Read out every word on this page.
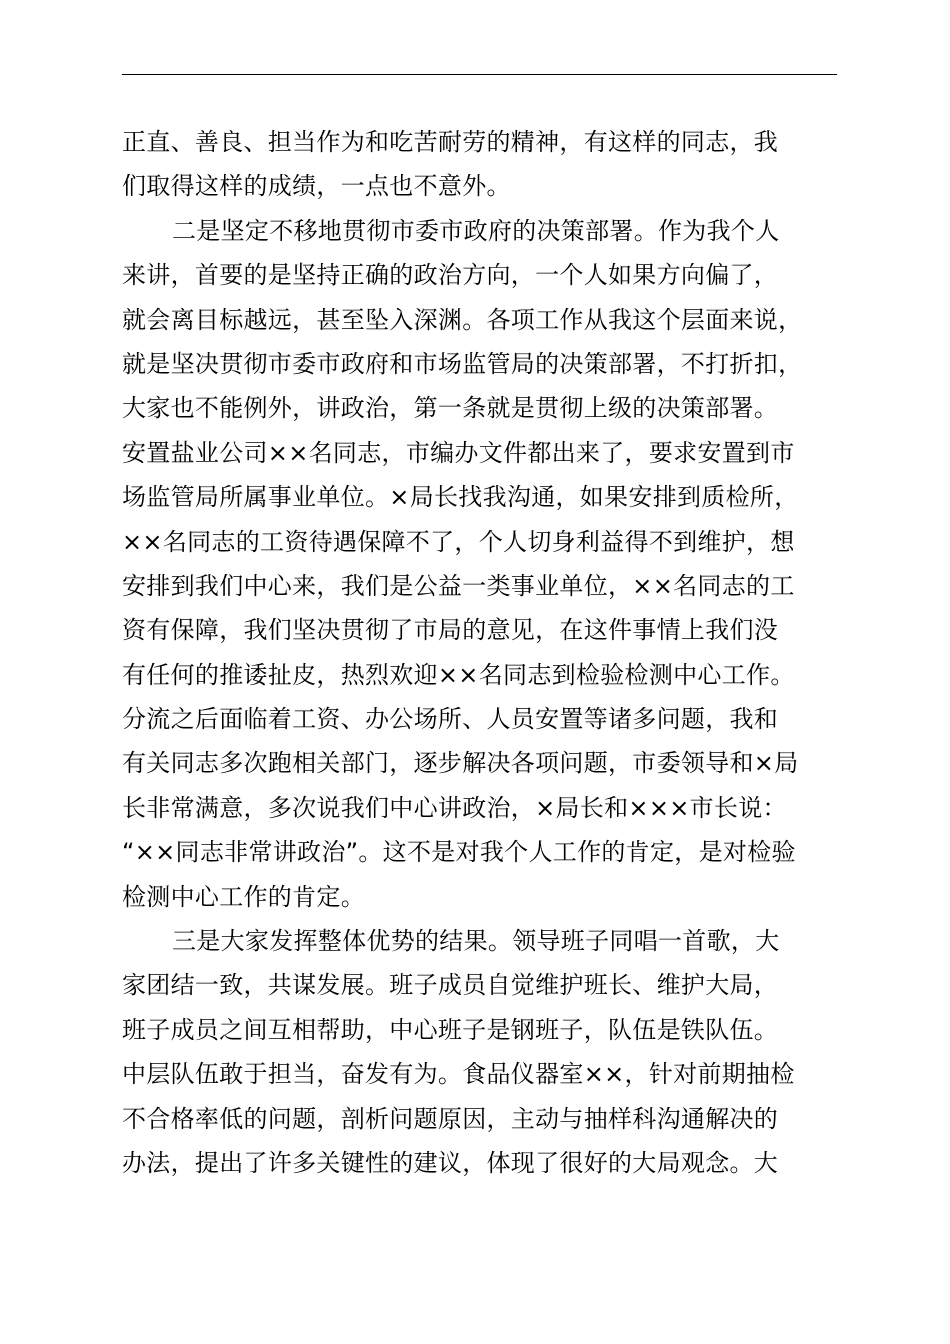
正直、善良、担当作为和吃苦耐劳的精神，有这样的同志，我
们取得这样的成绩，一点也不意外。
二是坚定不移地贯彻市委市政府的决策部署。作为我个人
来讲，首要的是坚持正确的政治方向，一个人如果方向偏了，
就会离目标越远，甚至坠入深渊。各项工作从我这个层面来说，
就是坚决贯彻市委市政府和市场监管局的决策部署，不打折扣，
大家也不能例外，讲政治，第一条就是贯彻上级的决策部署。
安置盐业公司××名同志，市编办文件都出来了，要求安置到市
场监管局所属事业单位。×局长找我沟通，如果安排到质检所，
××名同志的工资待遇保障不了，个人切身利益得不到维护，想
安排到我们中心来，我们是公益一类事业单位，××名同志的工
资有保障，我们坚决贯彻了市局的意见，在这件事情上我们没
有任何的推诿扯皮，热烈欢迎××名同志到检验检测中心工作。
分流之后面临着工资、办公场所、人员安置等诸多问题，我和
有关同志多次跑相关部门，逐步解决各项问题，市委领导和×局
长非常满意，多次说我们中心讲政治，×局长和×××市长说：
“××同志非常讲政治”。这不是对我个人工作的肯定，是对检验
检测中心工作的肯定。
三是大家发挥整体优势的结果。领导班子同唱一首歌，大
家团结一致，共谋发展。班子成员自觉维护班长、维护大局，
班子成员之间互相帮助，中心班子是钢班子，队伍是铁队伍。
中层队伍敢于担当，奋发有为。食品仪器室××，针对前期抽检
不合格率低的问题，剖析问题原因，主动与抽样科沟通解决的
办法，提出了许多关键性的建议，体现了很好的大局观念。大
